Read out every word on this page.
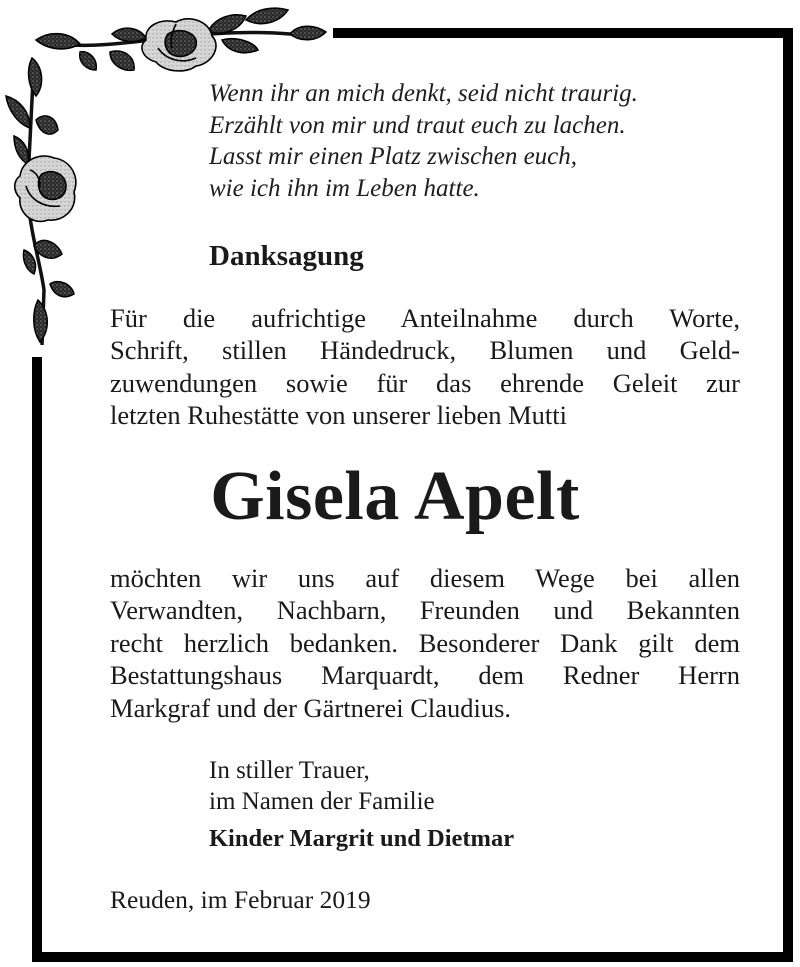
Wenn ihr an mich denkt, seid nicht traurig.
Erzählt von mir und traut euch zu lachen.
Lasst mir einen Platz zwischen euch,
wie ich ihn im Leben hatte.
Danksagung
Für die aufrichtige Anteilnahme durch Worte,
Schrift, stillen Händedruck, Blumen und Geld-
zuwendungen sowie für das ehrende Geleit zur
letzten Ruhestätte von unserer lieben Mutti
Gisela Apelt
möchten wir uns auf diesem Wege bei allen
Verwandten, Nachbarn, Freunden und Bekannten
recht herzlich bedanken. Besonderer Dank gilt dem
Bestattungshaus Marquardt, dem Redner Herrn
Markgraf und der Gärtnerei Claudius.
In stiller Trauer,
im Namen der Familie
Kinder Margrit und Dietmar
Reuden, im Februar 2019
